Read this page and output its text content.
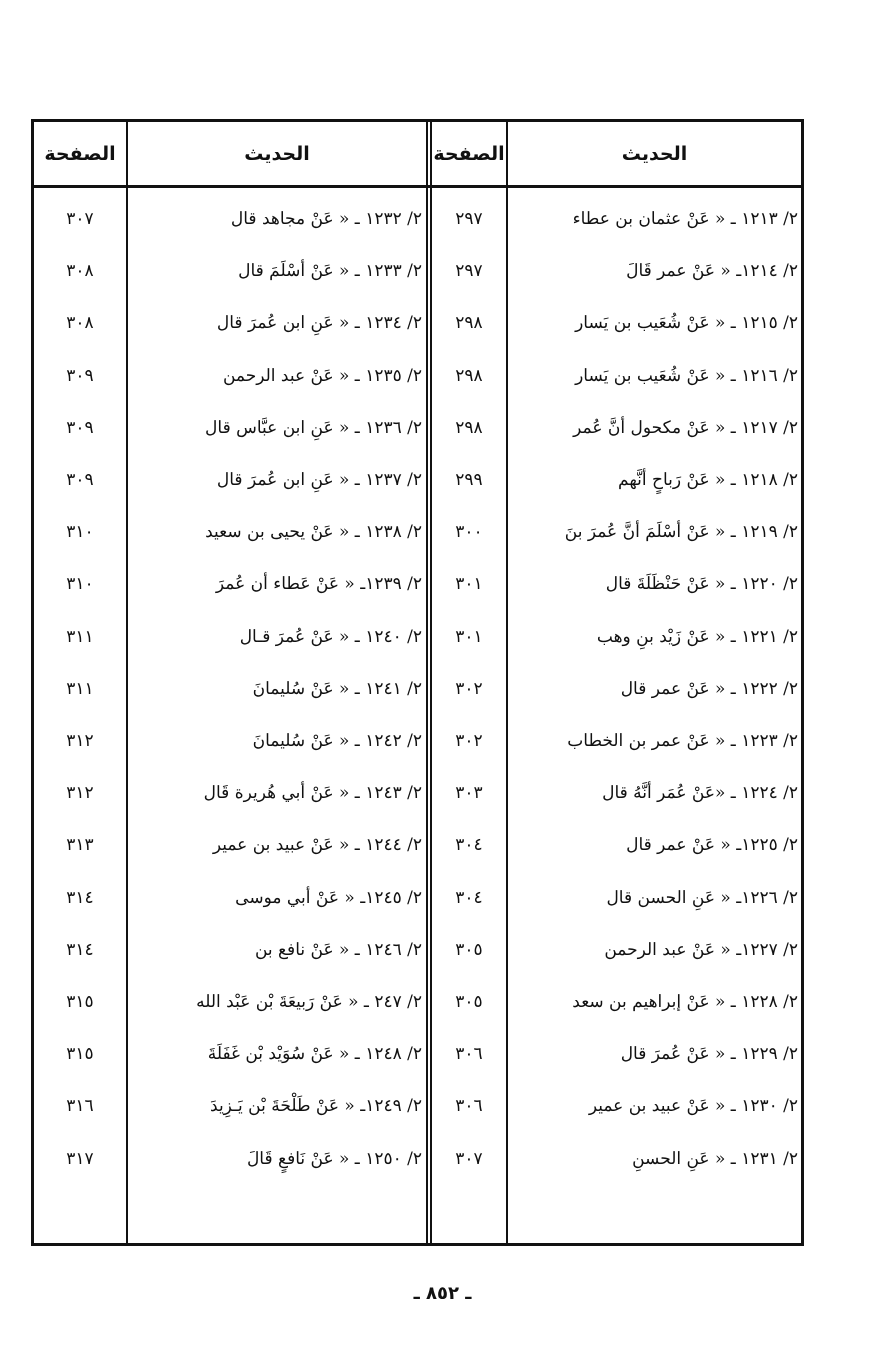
الحديث
الصفحة
الحديث
الصفحة
٢/ ١٢١٣ ـ « عَنْ عثمان بن عطاء
٢٩٧
٢/ ١٢١٤ـ « عَنْ عمر قَالَ
٢٩٧
٢/ ١٢١٥ ـ « عَنْ شُعَيب بن يَسار
٢٩٨
٢/ ١٢١٦ ـ « عَنْ شُعَيب بن يَسار
٢٩٨
٢/ ١٢١٧ ـ « عَنْ مكحول أنَّ عُمر
٢٩٨
٢/ ١٢١٨ ـ « عَنْ رَباحٍ أنَّهم
٢٩٩
٢/ ١٢١٩ ـ « عَنْ أسْلَمَ أنَّ عُمرَ بنَ
٣٠٠
٢/ ١٢٢٠ ـ « عَنْ حَنْظَلَةَ قال
٣٠١
٢/ ١٢٢١ ـ « عَنْ زَيْد بنِ وهب
٣٠١
٢/ ١٢٢٢ ـ « عَنْ عمر قال
٣٠٢
٢/ ١٢٢٣ ـ « عَنْ عمر بن الخطاب
٣٠٢
٢/ ١٢٢٤ ـ «عَنْ عُمَر أنَّهُ قال
٣٠٣
٢/ ١٢٢٥ـ « عَنْ عمر قال
٣٠٤
٢/ ١٢٢٦ـ « عَنِ الحسن قال
٣٠٤
٢/ ١٢٢٧ـ « عَنْ عبد الرحمن
٣٠٥
٢/ ١٢٢٨ ـ « عَنْ إبراهيم بن سعد
٣٠٥
٢/ ١٢٢٩ ـ « عَنْ عُمرَ قال
٣٠٦
٢/ ١٢٣٠ ـ « عَنْ عبيد بن عمير
٣٠٦
٢/ ١٢٣١ ـ « عَنِ الحسنِ
٣٠٧
٢/ ١٢٣٢ ـ « عَنْ مجاهد قال
٣٠٧
٢/ ١٢٣٣ ـ « عَنْ أسْلَمَ قال
٣٠٨
٢/ ١٢٣٤ ـ « عَنِ ابن عُمرَ قال
٣٠٨
٢/ ١٢٣٥ ـ « عَنْ عبد الرحمن
٣٠٩
٢/ ١٢٣٦ ـ « عَنِ ابن عبَّاس قال
٣٠٩
٢/ ١٢٣٧ ـ « عَنِ ابن عُمرَ قال
٣٠٩
٢/ ١٢٣٨ ـ « عَنْ يحيى بن سعيد
٣١٠
٢/ ١٢٣٩ـ « عَنْ عَطاء أن عُمرَ
٣١٠
٢/ ١٢٤٠ ـ « عَنْ عُمرَ قـال
٣١١
٢/ ١٢٤١ ـ « عَنْ سُليمانَ
٣١١
٢/ ١٢٤٢ ـ « عَنْ سُليمانَ
٣١٢
٢/ ١٢٤٣ ـ « عَنْ أبي هُريرة قَال
٣١٢
٢/ ١٢٤٤ ـ « عَنْ عبيد بن عمير
٣١٣
٢/ ١٢٤٥ـ « عَنْ أبي موسى
٣١٤
٢/ ١٢٤٦ ـ « عَنْ نافع بن
٣١٤
٢/ ٢٤٧ ـ « عَنْ رَبيعَةَ بْن عَبْد الله
٣١٥
٢/ ١٢٤٨ ـ « عَنْ سُوَيْد بْن غَفَلَةَ
٣١٥
٢/ ١٢٤٩ـ « عَنْ طَلْحَةَ بْن يَـزِيدَ
٣١٦
٢/ ١٢٥٠ ـ « عَنْ نَافعٍ قَالَ
٣١٧
ـ ٨٥٢ ـ
